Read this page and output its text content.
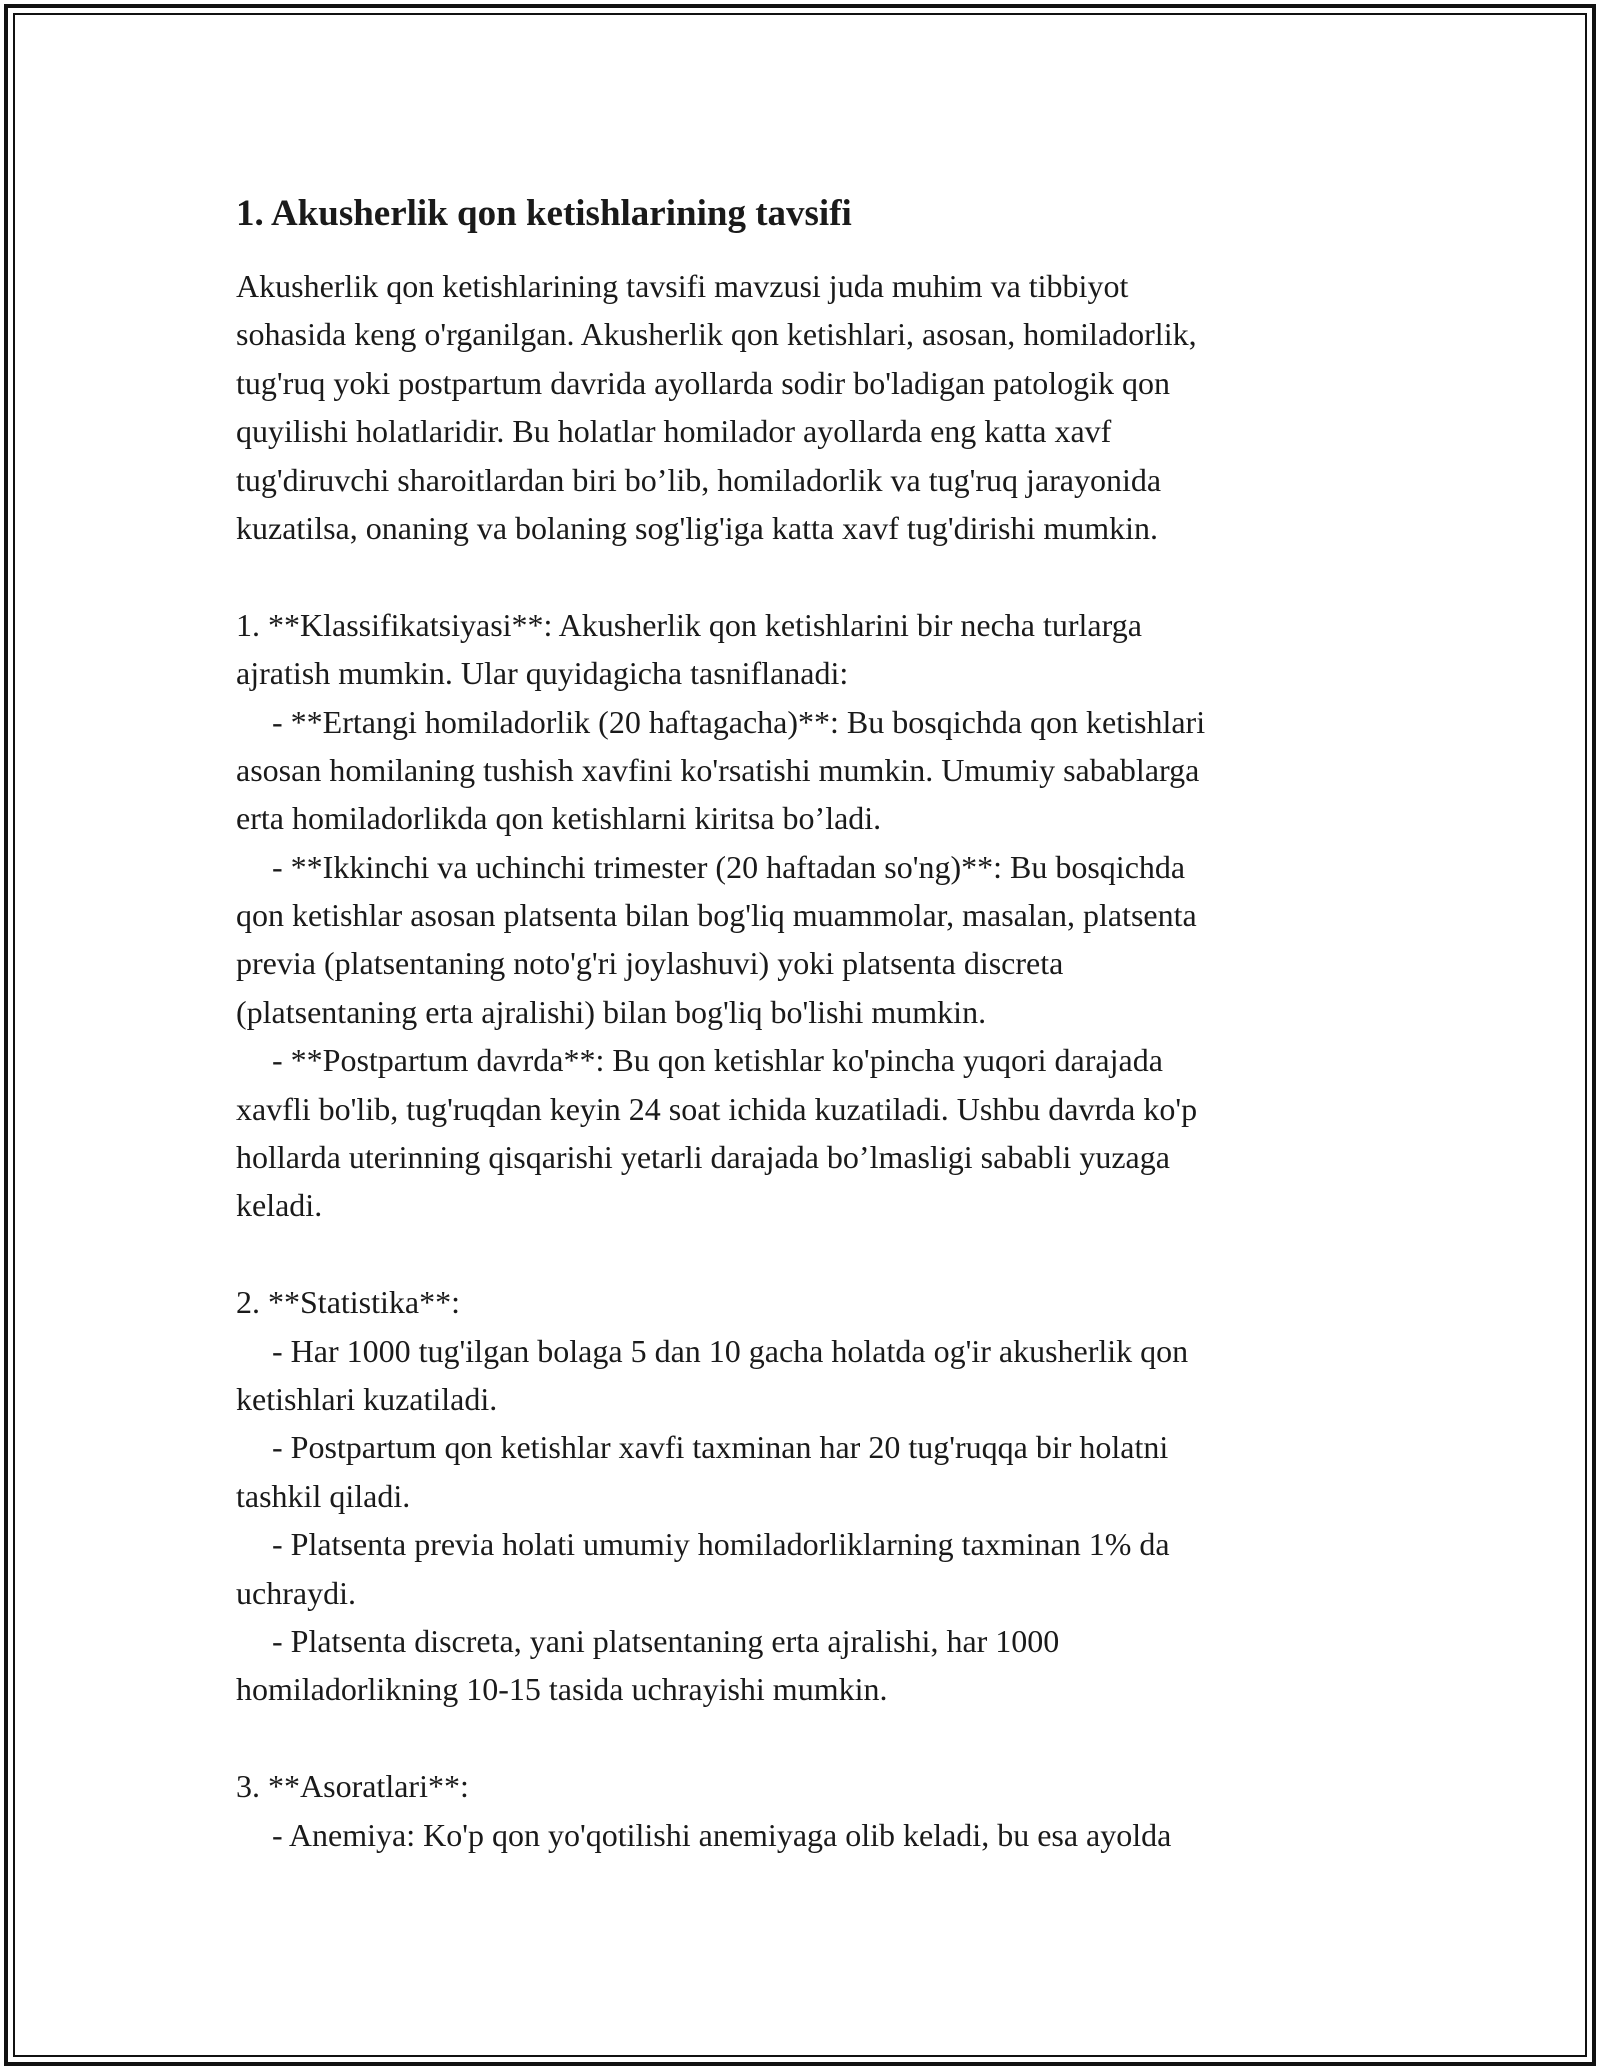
1. Akusherlik qon ketishlarining tavsifi
Akusherlik qon ketishlarining tavsifi mavzusi juda muhim va tibbiyot
sohasida keng o'rganilgan. Akusherlik qon ketishlari, asosan, homiladorlik,
tug'ruq yoki postpartum davrida ayollarda sodir bo'ladigan patologik qon
quyilishi holatlaridir. Bu holatlar homilador ayollarda eng katta xavf
tug'diruvchi sharoitlardan biri bo’lib, homiladorlik va tug'ruq jarayonida
kuzatilsa, onaning va bolaning sog'lig'iga katta xavf tug'dirishi mumkin.
1. **Klassifikatsiyasi**: Akusherlik qon ketishlarini bir necha turlarga
ajratish mumkin. Ular quyidagicha tasniflanadi:
- **Ertangi homiladorlik (20 haftagacha)**: Bu bosqichda qon ketishlari
asosan homilaning tushish xavfini ko'rsatishi mumkin. Umumiy sabablarga
erta homiladorlikda qon ketishlarni kiritsa bo’ladi.
- **Ikkinchi va uchinchi trimester (20 haftadan so'ng)**: Bu bosqichda
qon ketishlar asosan platsenta bilan bog'liq muammolar, masalan, platsenta
previa (platsentaning noto'g'ri joylashuvi) yoki platsenta discreta
(platsentaning erta ajralishi) bilan bog'liq bo'lishi mumkin.
- **Postpartum davrda**: Bu qon ketishlar ko'pincha yuqori darajada
xavfli bo'lib, tug'ruqdan keyin 24 soat ichida kuzatiladi. Ushbu davrda ko'p
hollarda uterinning qisqarishi yetarli darajada bo’lmasligi sababli yuzaga
keladi.
2. **Statistika**:
- Har 1000 tug'ilgan bolaga 5 dan 10 gacha holatda og'ir akusherlik qon
ketishlari kuzatiladi.
- Postpartum qon ketishlar xavfi taxminan har 20 tug'ruqqa bir holatni
tashkil qiladi.
- Platsenta previa holati umumiy homiladorliklarning taxminan 1% da
uchraydi.
- Platsenta discreta, yani platsentaning erta ajralishi, har 1000
homiladorlikning 10-15 tasida uchrayishi mumkin.
3. **Asoratlari**:
- Anemiya: Ko'p qon yo'qotilishi anemiyaga olib keladi, bu esa ayolda
